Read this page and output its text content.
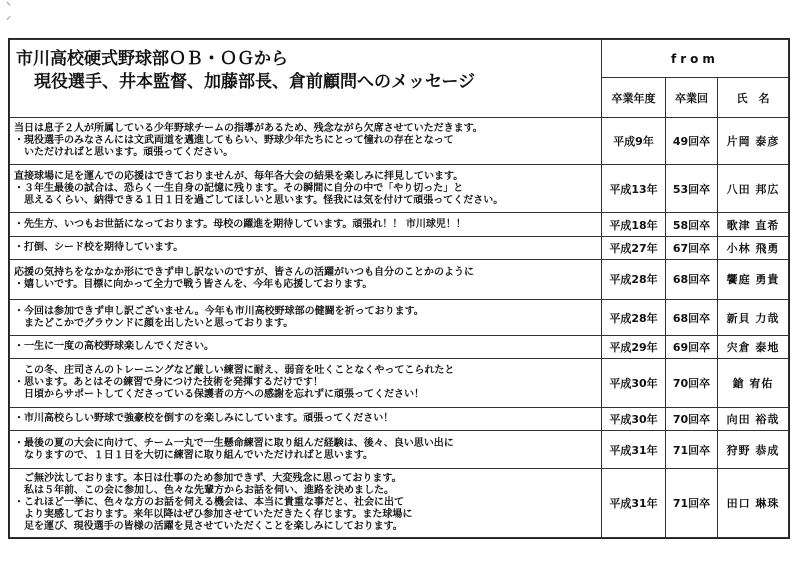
⸌
⸝
市川高校硬式野球部ＯＢ・ＯＧから
現役選手、井本監督、加藤部長、倉前顧問へのメッセージ	from		
	卒業年度	卒業回	氏　名
当日は息子２人が所属している少年野球チームの指導があるため、残念ながら欠席させていただきます。
・現役選手のみなさんには文武両道を邁進してもらい、野球少年たちにとって憧れの存在となって
　いただければと思います。頑張ってください。	平成9年	49回卒	片岡 泰彦
直接球場に足を運んでの応援はできておりませんが、毎年各大会の結果を楽しみに拝見しています。
・３年生最後の試合は、恐らく一生自身の記憶に残ります。その瞬間に自分の中で「やり切った」と
　思えるくらい、納得できる１日１日を過ごしてほしいと思います。怪我には気を付けて頑張ってください。	平成13年	53回卒	八田 邦広
・先生方、いつもお世話になっております。母校の躍進を期待しています。頑張れ！！ 市川球児！！	平成18年	58回卒	歌津 直希
・打倒、シード校を期待しています。	平成27年	67回卒	小林 飛勇
応援の気持ちをなかなか形にできず申し訳ないのですが、皆さんの活躍がいつも自分のことかのように
・嬉しいです。目標に向かって全力で戦う皆さんを、今年も応援しております。	平成28年	68回卒	饗庭 勇貴
・今回は参加できず申し訳ございません。今年も市川高校野球部の健闘を祈っております。
　またどこかでグラウンドに顔を出したいと思っております。	平成28年	68回卒	新貝 力哉
・一生に一度の高校野球楽しんでください。	平成29年	69回卒	宍倉 泰地
　この冬、庄司さんのトレーニングなど厳しい練習に耐え、弱音を吐くことなくやってこられたと
・思います。あとはその練習で身につけた技術を発揮するだけです！
　日頃からサポートしてくださっている保護者の方への感謝を忘れずに頑張ってください！	平成30年	70回卒	鎗 宥佑
・市川高校らしい野球で強豪校を倒すのを楽しみにしています。頑張ってください！	平成30年	70回卒	向田 裕哉
・最後の夏の大会に向けて、チーム一丸で一生懸命練習に取り組んだ経験は、後々、良い思い出に
　なりますので、１日１日を大切に練習に取り組んでいただければと思います。	平成31年	71回卒	狩野 恭成
　ご無沙汰しております。本日は仕事のため参加できず、大変残念に思っております。
　私は５年前、この会に参加し、色々な先輩方からお話を伺い、進路を決めました。
・これほど一挙に、色々な方のお話を伺える機会は、本当に貴重な事だと、社会に出て
　より実感しております。来年以降はぜひ参加させていただきたく存じます。また球場に
　足を運び、現役選手の皆様の活躍を見させていただくことを楽しみにしております。	平成31年	71回卒	田口 琳珠
